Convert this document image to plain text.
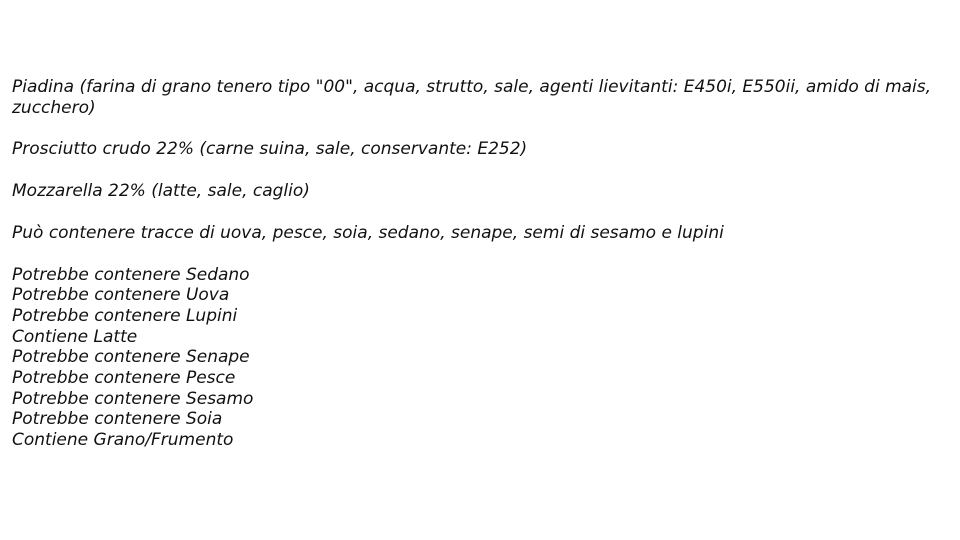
Piadina (farina di grano tenero tipo "00", acqua, strutto, sale, agenti lievitanti: E450i, E550ii, amido di mais, zucchero)

Prosciutto crudo 22% (carne suina, sale, conservante: E252)

Mozzarella 22% (latte, sale, caglio)

Può contenere tracce di uova, pesce, soia, sedano, senape, semi di sesamo e lupini

Potrebbe contenere Sedano
Potrebbe contenere Uova
Potrebbe contenere Lupini
Contiene Latte
Potrebbe contenere Senape
Potrebbe contenere Pesce
Potrebbe contenere Sesamo
Potrebbe contenere Soia
Contiene Grano/Frumento
